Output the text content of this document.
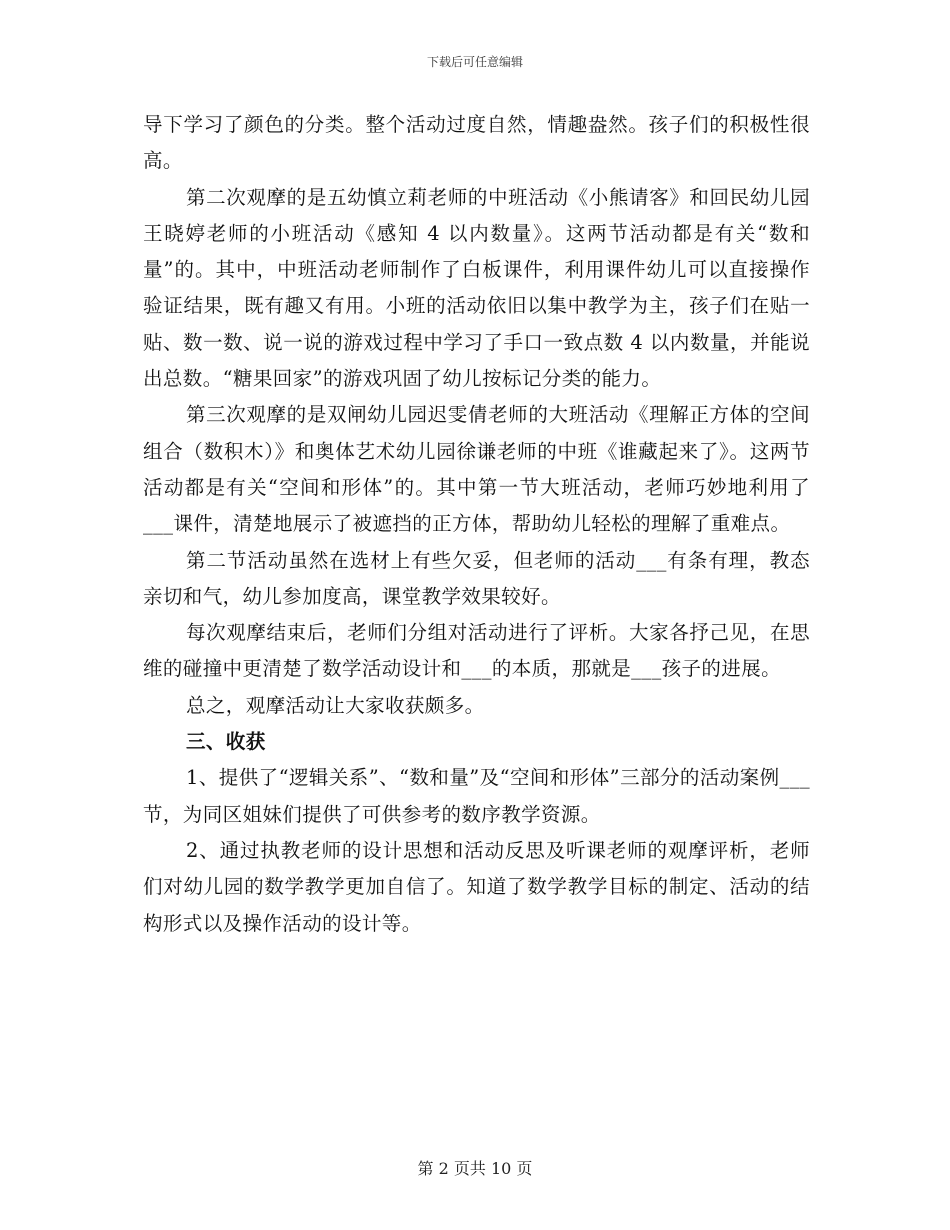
下载后可任意编辑

导下学习了颜色的分类。整个活动过度自然，情趣盎然。孩子们的积极性很高。

第二次观摩的是五幼慎立莉老师的中班活动《小熊请客》和回民幼儿园王晓婷老师的小班活动《感知 4 以内数量》。这两节活动都是有关“数和量”的。其中，中班活动老师制作了白板课件，利用课件幼儿可以直接操作验证结果，既有趣又有用。小班的活动依旧以集中教学为主，孩子们在贴一贴、数一数、说一说的游戏过程中学习了手口一致点数 4 以内数量，并能说出总数。“糖果回家”的游戏巩固了幼儿按标记分类的能力。

第三次观摩的是双闸幼儿园迟雯倩老师的大班活动《理解正方体的空间组合（数积木）》和奥体艺术幼儿园徐谦老师的中班《谁藏起来了》。这两节活动都是有关“空间和形体”的。其中第一节大班活动，老师巧妙地利用了___课件，清楚地展示了被遮挡的正方体，帮助幼儿轻松的理解了重难点。

第二节活动虽然在选材上有些欠妥，但老师的活动___有条有理，教态亲切和气，幼儿参加度高，课堂教学效果较好。

每次观摩结束后，老师们分组对活动进行了评析。大家各抒己见，在思维的碰撞中更清楚了数学活动设计和___的本质，那就是___孩子的进展。

总之，观摩活动让大家收获颇多。

三、收获

1、提供了“逻辑关系”、“数和量”及“空间和形体”三部分的活动案例___节，为同区姐妹们提供了可供参考的数序教学资源。

2、通过执教老师的设计思想和活动反思及听课老师的观摩评析，老师们对幼儿园的数学教学更加自信了。知道了数学教学目标的制定、活动的结构形式以及操作活动的设计等。

第 2 页共 10 页
